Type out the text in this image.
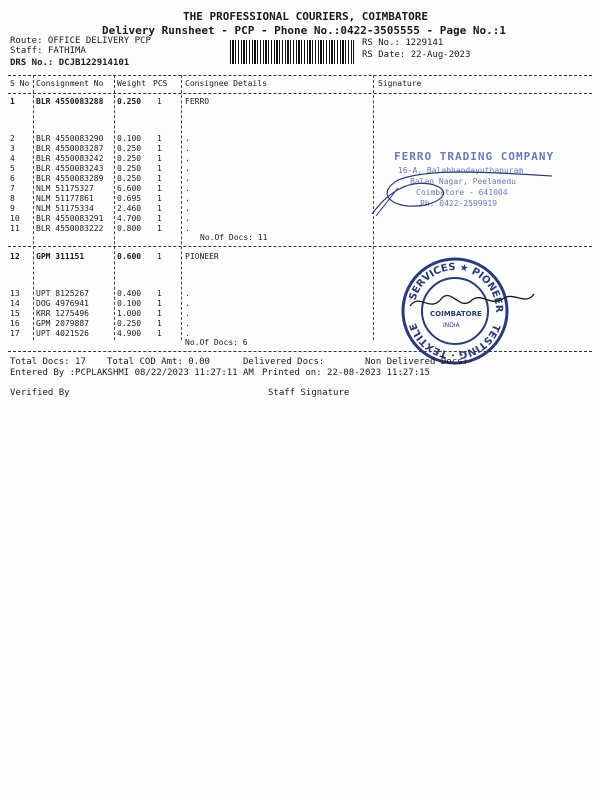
THE PROFESSIONAL COURIERS, COIMBATORE
Delivery Runsheet - PCP - Phone No.:0422-3505555 - Page No.:1
Route: OFFICE DELIVERY PCP
Staff: FATHIMA
DRS No.: DCJB122914101
RS No.: 1229141
RS Date: 22-Aug-2023
S No Consignment No Weight PCS Consignee Details	Signature
1	BLR 4550083288 0.250 1	FERRO
2	BLR 4550083290 0.100 1	.
3	BLR 4550083287 0.250 1	.
4	BLR 4550083242 0.250 1	.
5	BLR 4550083243 0.250 1	.
6	BLR 4550083289 0.250 1	.
7	NLM 51175327	6.600 1	.
8	NLM 51177861	0.695 1	.
9	NLM 51175334	2.460 1	.
10 BLR 4550083291 4.700 1	.
11 BLR 4550083222 0.800 1	.
No.Of Docs: 11
12 GPM 311151	0.600 1	PIONEER
13 UPT 8125267	0.400 1	.
14 DOG 4976941	0.100 1	.
15 KRR 1275496	1.000 1	.
16 GPM 2079887	0.250 1	.
17 UPT 4021526	4.900 1	.
No.Of Docs: 6
FERRO TRADING COMPANY
16-A, Balabhandayuthapuram
Balan Nagar, Peelamedu
Coimbatore - 641004
Ph: 0422-2599919
SERVICES ★ PIONEER
TESTING · TEXTILE
COIMBATORE
INDIA
Total Docs: 17 Total COD Amt: 0.00	Delivered Docs:	Non Delivered Docs:
Entered By :PCPLAKSHMI 08/22/2023 11:27:11 AM Printed on: 22-08-2023 11:27:15
Verified By	Staff Signature
